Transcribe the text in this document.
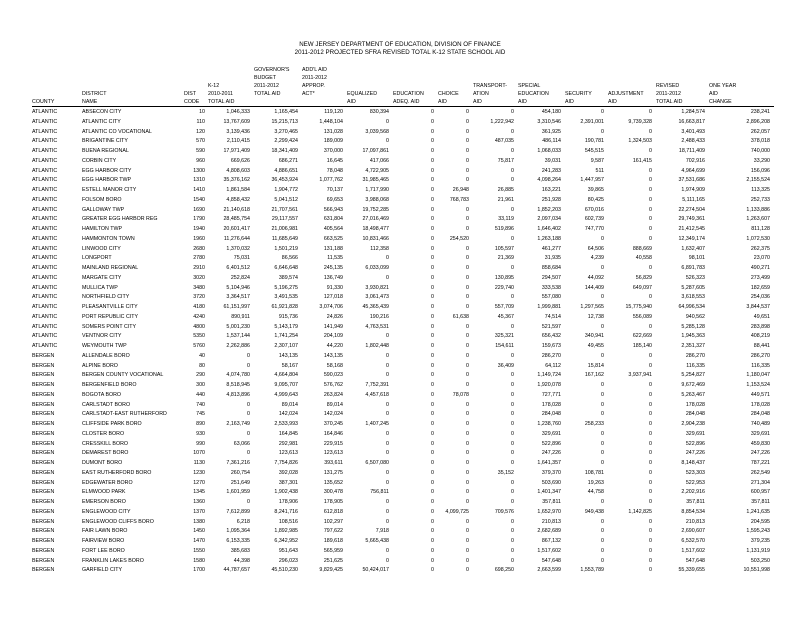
NEW JERSEY DEPARTMENT OF EDUCATION, DIVISION OF FINANCE
2011-2012 PROJECTED SFRA REVISED TOTAL K-12 STATE SCHOOL AID
				GOVERNOR'S	ADD'L AID									
				BUDGET	2011-2012									
			K-12	2011-2012	APPROP.				TRANSPORT-	SPECIAL			REVISED	ONE YEAR
	DISTRICT	DIST	2010-2011	TOTAL AID	ACT*	EQUALIZED	EDUCATION	CHOICE	ATION	EDUCATION	SECURITY	ADJUSTMENT	2011-2012	AID
COUNTY	NAME	CODE	TOTAL AID			AID	ADEQ. AID	AID	AID	AID	AID	AID	TOTAL AID	CHANGE
ATLANTIC	ABSECON CITY	10	1,046,333	1,165,454	119,120	830,394	0	0	0	454,180	0	0	1,284,574	238,241
ATLANTIC	ATLANTIC CITY	110	13,767,609	15,215,713	1,448,104	0	0	0	1,222,942	3,310,546	2,391,001	9,739,328	16,663,817	2,896,208
ATLANTIC	ATLANTIC CO VOCATIONAL	120	3,139,436	3,270,465	131,028	3,039,568	0	0	0	361,925	0	0	3,401,493	262,057
ATLANTIC	BRIGANTINE CITY	570	2,110,415	2,299,424	189,009	0	0	0	487,035	486,114	190,781	1,324,503	2,488,433	378,018
ATLANTIC	BUENA REGIONAL	590	17,971,409	18,341,409	370,000	17,097,861	0	0	0	1,068,033	545,515	0	18,711,409	740,000
ATLANTIC	CORBIN CITY	960	669,626	686,271	16,645	417,066	0	0	75,817	39,031	9,587	161,415	702,916	33,290
ATLANTIC	EGG HARBOR CITY	1300	4,808,603	4,886,651	78,048	4,722,905	0	0	0	241,283	511	0	4,964,699	156,096
ATLANTIC	EGG HARBOR TWP	1310	35,376,162	36,453,924	1,077,762	31,985,465	0	0	0	4,098,264	1,447,957	0	37,531,686	2,155,524
ATLANTIC	ESTELL MANOR CITY	1410	1,861,584	1,904,772	70,137	1,717,990	0	26,948	26,885	163,221	39,865	0	1,974,909	113,325
ATLANTIC	FOLSOM BORO	1540	4,858,432	5,041,512	69,653	3,988,068	0	768,783	21,961	251,928	80,425	0	5,111,165	252,733
ATLANTIC	GALLOWAY TWP	1690	21,140,618	21,707,561	566,943	19,752,285	0	0	0	1,852,203	670,016	0	22,274,504	1,133,886
ATLANTIC	GREATER EGG HARBOR REG	1790	28,485,754	29,117,557	631,804	27,016,469	0	0	33,119	2,097,034	602,739	0	29,749,361	1,263,607
ATLANTIC	HAMILTON TWP	1940	20,601,417	21,006,981	405,564	18,498,477	0	0	519,896	1,646,402	747,770	0	21,412,545	811,128
ATLANTIC	HAMMONTON TOWN	1960	11,276,644	11,685,649	663,525	10,831,466	0	254,520	0	1,263,188	0	0	12,349,174	1,072,530
ATLANTIC	LINWOOD CITY	2680	1,370,032	1,501,219	131,188	112,358	0	0	105,597	461,277	64,506	888,669	1,632,407	262,375
ATLANTIC	LONGPORT	2780	75,031	86,566	11,535	0	0	0	21,369	31,935	4,239	40,558	98,101	23,070
ATLANTIC	MAINLAND REGIONAL	2910	6,401,512	6,646,648	245,135	6,033,099	0	0	0	858,684	0	0	6,891,783	490,271
ATLANTIC	MARGATE CITY	3020	252,824	389,574	136,749	0	0	0	130,895	294,507	44,092	56,829	526,323	273,499
ATLANTIC	MULLICA TWP	3480	5,104,946	5,196,275	91,330	3,930,821	0	0	229,740	333,538	144,409	649,097	5,287,605	182,659
ATLANTIC	NORTHFIELD CITY	3720	3,364,517	3,491,535	127,018	3,061,473	0	0	0	557,080	0	0	3,618,553	254,036
ATLANTIC	PLEASANTVILLE CITY	4180	61,151,997	61,921,828	3,074,706	45,365,439	0	0	557,709	1,999,881	1,297,565	15,775,940	64,996,534	3,844,537
ATLANTIC	PORT REPUBLIC CITY	4240	890,911	915,736	24,826	190,216	0	61,638	45,367	74,514	12,738	556,089	940,562	49,651
ATLANTIC	SOMERS POINT CITY	4800	5,001,230	5,143,179	141,949	4,763,531	0	0	0	521,597	0	0	5,285,128	283,898
ATLANTIC	VENTNOR CITY	5350	1,537,144	1,741,254	204,109	0	0	0	325,321	656,432	340,941	622,669	1,945,363	408,219
ATLANTIC	WEYMOUTH TWP	5760	2,262,886	2,307,107	44,220	1,802,448	0	0	154,611	159,673	49,455	185,140	2,351,327	88,441
BERGEN	ALLENDALE BORO	40	0	143,135	143,135	0	0	0	0	286,270	0	0	286,270	286,270
BERGEN	ALPINE BORO	80	0	58,167	58,168	0	0	0	36,409	64,112	15,814	0	116,335	116,335
BERGEN	BERGEN COUNTY VOCATIONAL	290	4,074,780	4,664,804	590,023	0	0	0	0	1,149,724	167,162	3,937,941	5,254,827	1,180,047
BERGEN	BERGENFIELD BORO	300	8,518,945	9,095,707	576,762	7,752,391	0	0	0	1,920,078	0	0	9,672,469	1,153,524
BERGEN	BOGOTA BORO	440	4,813,896	4,999,643	263,824	4,457,618	0	78,078	0	727,771	0	0	5,263,467	449,571
BERGEN	CARLSTADT BORO	740	0	89,014	89,014	0	0	0	0	178,028	0	0	178,028	178,028
BERGEN	CARLSTADT-EAST RUTHERFORD	745	0	142,024	142,024	0	0	0	0	284,048	0	0	284,048	284,048
BERGEN	CLIFFSIDE PARK BORO	890	2,163,749	2,533,993	370,245	1,407,245	0	0	0	1,238,760	258,233	0	2,904,238	740,489
BERGEN	CLOSTER BORO	930	0	164,845	164,846	0	0	0	0	329,691	0	0	329,691	329,691
BERGEN	CRESSKILL BORO	990	63,066	292,981	229,915	0	0	0	0	522,896	0	0	522,896	459,830
BERGEN	DEMAREST BORO	1070	0	123,613	123,613	0	0	0	0	247,226	0	0	247,226	247,226
BERGEN	DUMONT BORO	1130	7,361,216	7,754,826	393,611	6,507,080	0	0	0	1,641,357	0	0	8,148,437	787,221
BERGEN	EAST RUTHERFORD BORO	1230	260,754	392,028	131,275	0	0	0	35,152	379,370	108,781	0	523,303	262,549
BERGEN	EDGEWATER BORO	1270	251,649	387,301	135,652	0	0	0	0	503,690	19,263	0	522,953	271,304
BERGEN	ELMWOOD PARK	1345	1,601,959	1,902,438	300,478	756,811	0	0	0	1,401,347	44,758	0	2,202,916	600,957
BERGEN	EMERSON BORO	1360	0	178,906	178,905	0	0	0	0	357,811	0	0	357,811	357,811
BERGEN	ENGLEWOOD CITY	1370	7,612,899	8,241,716	612,818	0	0	4,099,725	709,576	1,652,970	949,438	1,142,825	8,854,534	1,241,635
BERGEN	ENGLEWOOD CLIFFS BORO	1380	6,218	108,516	102,297	0	0	0	0	210,813	0	0	210,813	204,595
BERGEN	FAIR LAWN BORO	1450	1,095,364	1,892,985	797,622	7,918	0	0	0	2,682,689	0	0	2,690,607	1,595,243
BERGEN	FAIRVIEW BORO	1470	6,153,335	6,342,952	189,618	5,665,438	0	0	0	867,132	0	0	6,532,570	379,235
BERGEN	FORT LEE BORO	1550	385,683	951,643	565,959	0	0	0	0	1,517,602	0	0	1,517,602	1,131,919
BERGEN	FRANKLIN LAKES BORO	1580	44,398	296,023	251,625	0	0	0	0	547,648	0	0	547,648	503,250
BERGEN	GARFIELD CITY	1700	44,787,657	45,510,230	9,829,425	50,424,017	0	0	698,250	2,663,599	1,553,789	0	55,339,655	10,551,998
